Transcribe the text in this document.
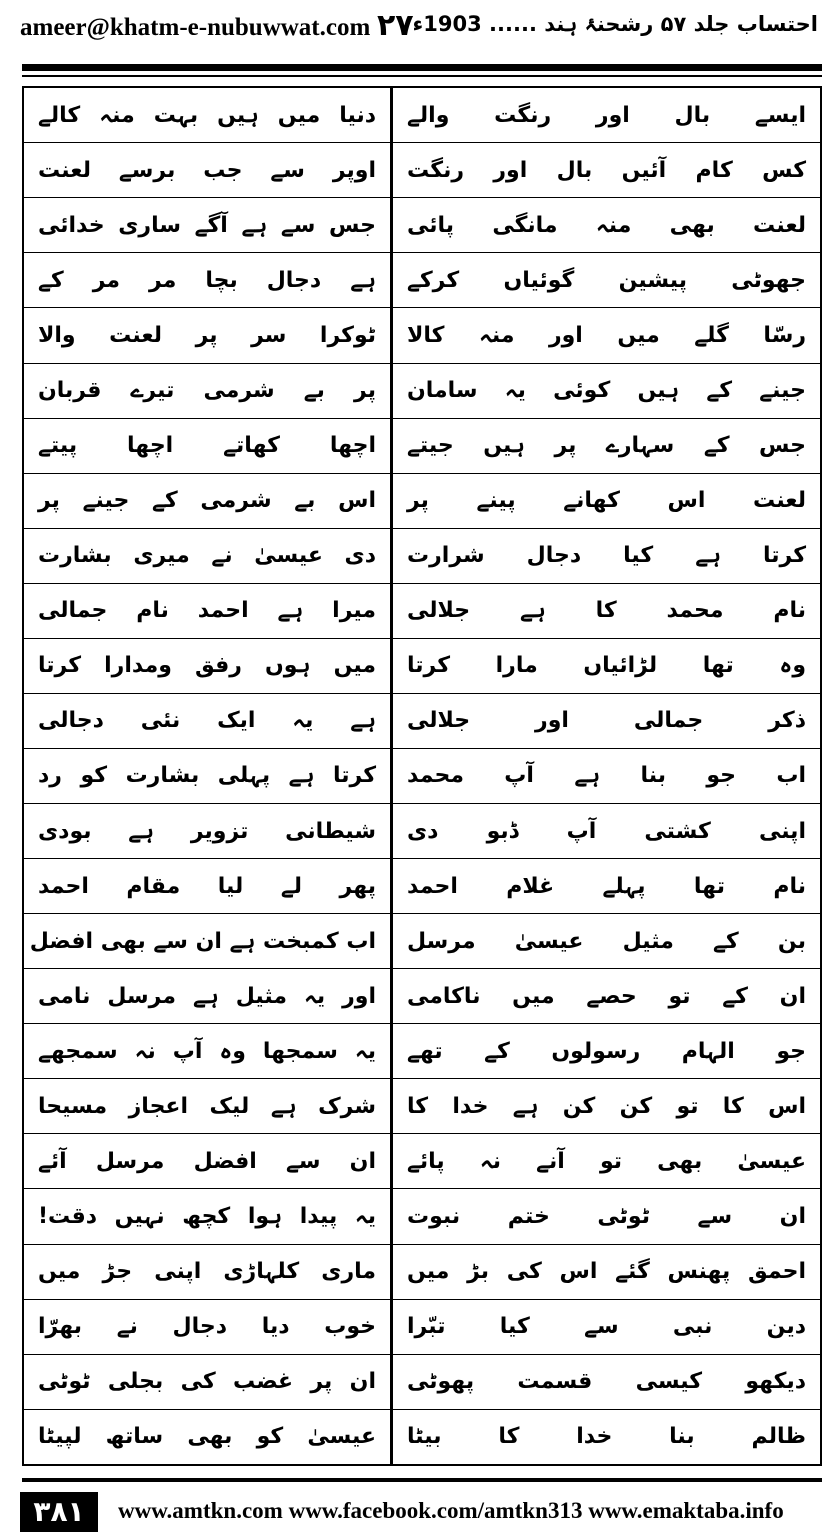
ameer@khatm-e-nubuwwat.com ۲۷
احتساب جلد ۵۷ رشحنۂ ہند ...... 1903ء
ایسے بال اور رنگت والے	دنیا میں ہیں بہت منہ کالے
کس کام آئیں بال اور رنگت	اوپر سے جب برسے لعنت
لعنت بھی منہ مانگی پائی	جس سے ہے آگے ساری خدائی
جھوٹی پیشین گوئیاں کرکے	ہے دجال بچا مر مر کے
رسّا گلے میں اور منہ کالا	ٹوکرا سر پر لعنت والا
جینے کے ہیں کوئی یہ سامان	پر بے شرمی تیرے قربان
جس کے سہارے پر ہیں جیتے	اچھا کھاتے اچھا پیتے
لعنت اس کھانے پینے پر	اس بے شرمی کے جینے پر
کرتا ہے کیا دجال شرارت	دی عیسیٰ نے میری بشارت
نام محمد کا ہے جلالی	میرا ہے احمد نام جمالی
وہ تھا لڑائیاں مارا کرتا	میں ہوں رفق ومدارا کرتا
ذکر جمالی اور جلالی	ہے یہ ایک نئی دجالی
اب جو بنا ہے آپ محمد	کرتا ہے پہلی بشارت کو رد
اپنی کشتی آپ ڈبو دی	شیطانی تزویر ہے بودی
نام تھا پہلے غلام احمد	پھر لے لیا مقام احمد
بن کے مثیل عیسیٰ مرسل	اب کمبخت ہے ان سے بھی افضل
ان کے تو حصے میں ناکامی	اور یہ مثیل ہے مرسل نامی
جو الہام رسولوں کے تھے	یہ سمجھا وہ آپ نہ سمجھے
اس کا تو کن کن ہے خدا کا	شرک ہے لیک اعجاز مسیحا
عیسیٰ بھی تو آنے نہ پائے	ان سے افضل مرسل آئے
ان سے ٹوٹی ختم نبوت	یہ پیدا ہوا کچھ نہیں دقت!
احمق پھنس گئے اس کی بڑ میں	ماری کلہاڑی اپنی جڑ میں
دین نبی سے کیا تبّرا	خوب دیا دجال نے بھرّا
دیکھو کیسی قسمت پھوٹی	ان پر غضب کی بجلی ٹوٹی
ظالم بنا خدا کا بیٹا	عیسیٰ کو بھی ساتھ لپیٹا
۳۸۱	www.amtkn.com www.facebook.com/amtkn313 www.emaktaba.info
